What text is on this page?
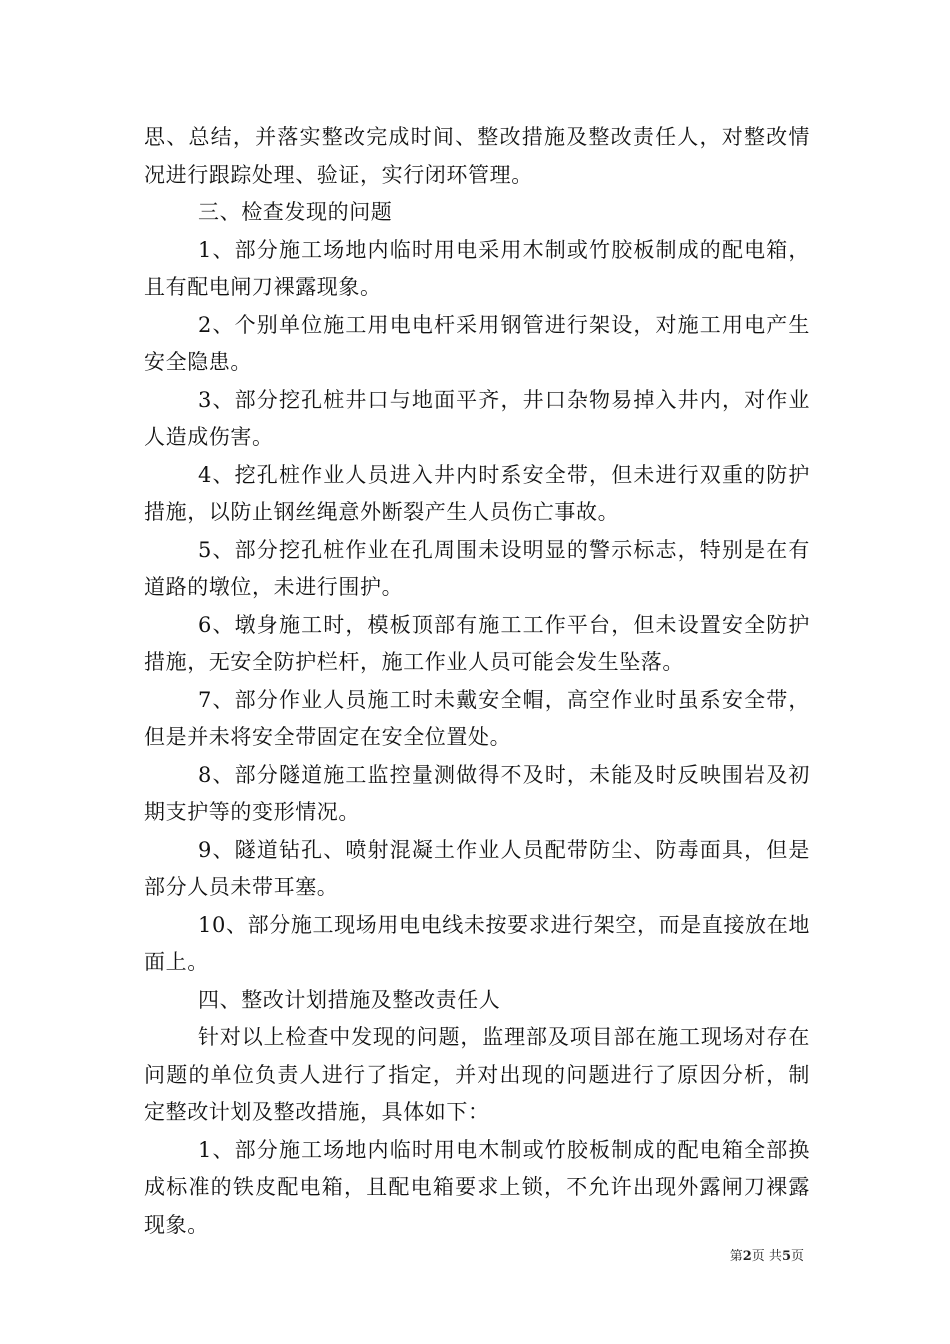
思、总结，并落实整改完成时间、整改措施及整改责任人，对整改情况进行跟踪处理、验证，实行闭环管理。

三、检查发现的问题

1、部分施工场地内临时用电采用木制或竹胶板制成的配电箱，且有配电闸刀裸露现象。

2、个别单位施工用电电杆采用钢管进行架设，对施工用电产生安全隐患。

3、部分挖孔桩井口与地面平齐，井口杂物易掉入井内，对作业人造成伤害。

4、挖孔桩作业人员进入井内时系安全带，但未进行双重的防护措施，以防止钢丝绳意外断裂产生人员伤亡事故。

5、部分挖孔桩作业在孔周围未设明显的警示标志，特别是在有道路的墩位，未进行围护。

6、墩身施工时，模板顶部有施工工作平台，但未设置安全防护措施，无安全防护栏杆，施工作业人员可能会发生坠落。

7、部分作业人员施工时未戴安全帽，高空作业时虽系安全带，但是并未将安全带固定在安全位置处。

8、部分隧道施工监控量测做得不及时，未能及时反映围岩及初期支护等的变形情况。

9、隧道钻孔、喷射混凝土作业人员配带防尘、防毒面具，但是部分人员未带耳塞。

10、部分施工现场用电电线未按要求进行架空，而是直接放在地面上。

四、整改计划措施及整改责任人

针对以上检查中发现的问题，监理部及项目部在施工现场对存在问题的单位负责人进行了指定，并对出现的问题进行了原因分析，制定整改计划及整改措施，具体如下：

1、部分施工场地内临时用电木制或竹胶板制成的配电箱全部换成标准的铁皮配电箱，且配电箱要求上锁，不允许出现外露闸刀裸露现象。

第2页 共5页
